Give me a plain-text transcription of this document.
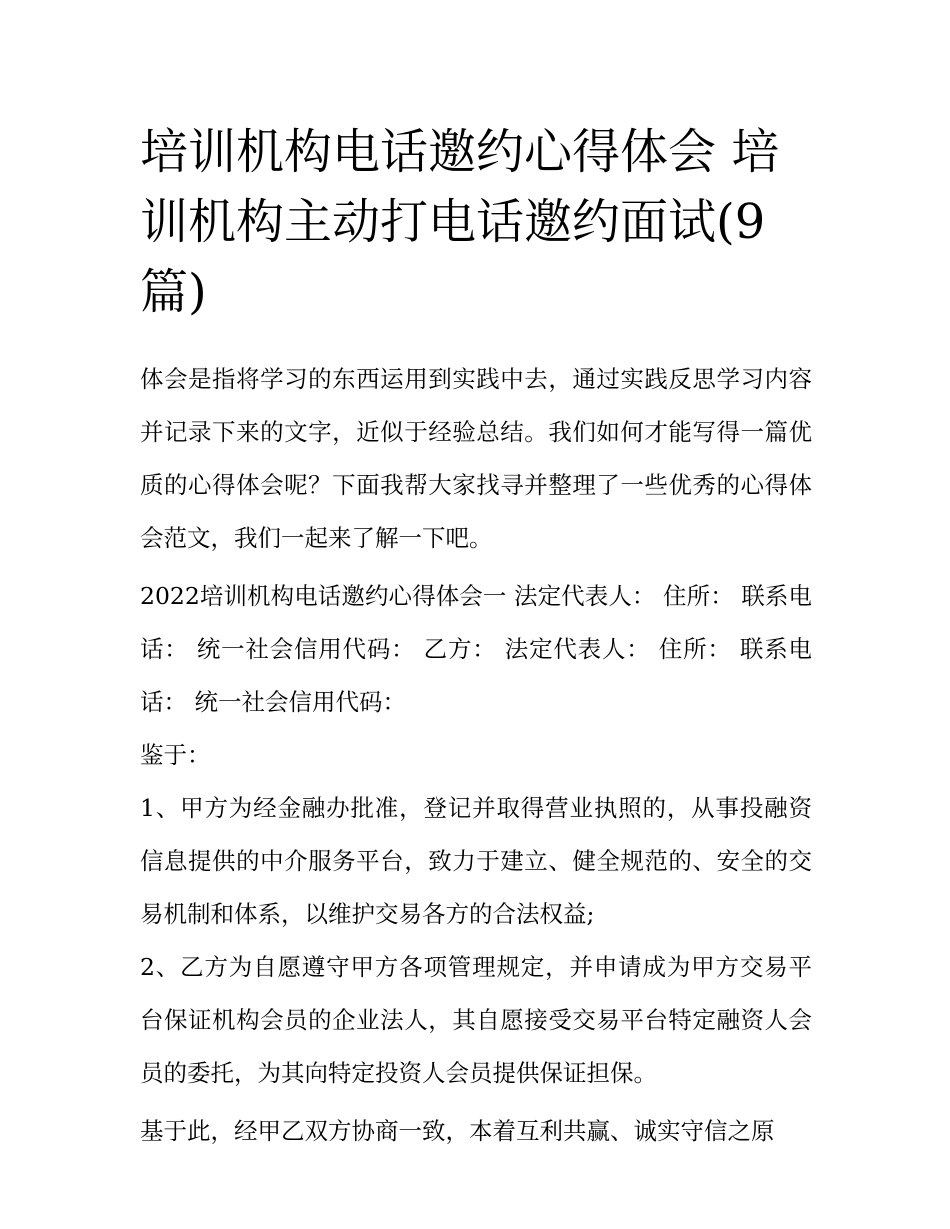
培训机构电话邀约心得体会 培训机构主动打电话邀约面试(9篇)

体会是指将学习的东西运用到实践中去，通过实践反思学习内容并记录下来的文字，近似于经验总结。我们如何才能写得一篇优质的心得体会呢？下面我帮大家找寻并整理了一些优秀的心得体会范文，我们一起来了解一下吧。

2022培训机构电话邀约心得体会一 法定代表人： 住所： 联系电话： 统一社会信用代码： 乙方： 法定代表人： 住所： 联系电话： 统一社会信用代码：

鉴于：

1、甲方为经金融办批准，登记并取得营业执照的，从事投融资信息提供的中介服务平台，致力于建立、健全规范的、安全的交易机制和体系，以维护交易各方的合法权益;

2、乙方为自愿遵守甲方各项管理规定，并申请成为甲方交易平台保证机构会员的企业法人，其自愿接受交易平台特定融资人会员的委托，为其向特定投资人会员提供保证担保。

基于此，经甲乙双方协商一致，本着互利共赢、诚实守信之原
